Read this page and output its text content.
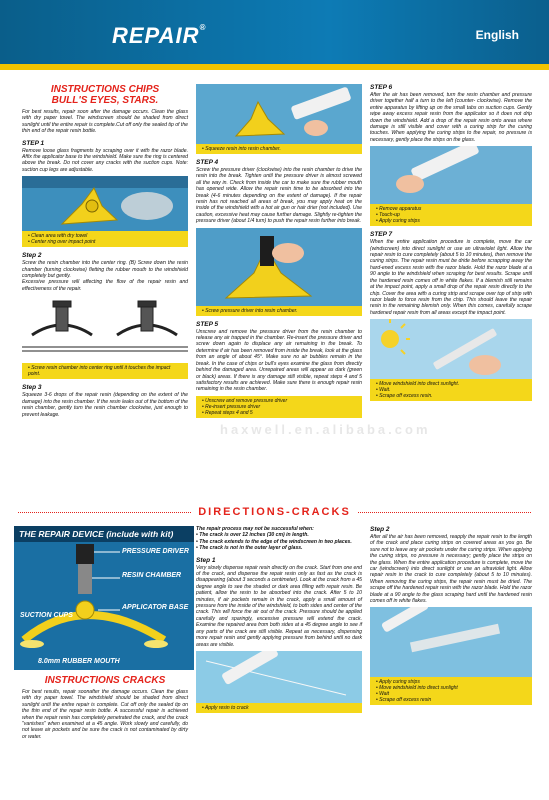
REPAIR®
English
INSTRUCTIONS CHIPS
BULL'S EYES, STARS.
For best results, repair soon after the damage occurs. Clean the glass with dry paper towel. The windscreen should be shaded from direct sunlight until the entire repair is complete.Cut off only the sealed tip of the thin end of the repair resin bottle.
STEP 1
Remove loose glass fragments by scraping over it with the razor blade. Affix the applicator base to the windshield. Make sure the ring is centered above the break. Do not cover any cracks with the suction cups. Note: suction cup legs are adjustable.
• Clean area with dry towel
• Center ring over impact point
Step 2
Screw the resin chamber into the center ring. (B) Screw down the resin chamber (turning clockwise) fletting the rubber mouth to the windshield completely but gently.
Excessive pressure will affecting the flow of the repair resin and effectiveness of the repair.
• Screw resin chamber into center ring until it touches the impact point.
Step 3
Squeeze 3-6 drops of the repair resin (depending on the extent of the damage) into the resin chamber. If the resin leaks out of the bottom of the resin chamber, gently turn the resin chamber clockwise, just enough to prevent leakage.
• Squeeze resin into resin chamber.
STEP 4
Screw the pressure driver (clockwise) into the resin chamber to drive the resin into the break. Tighten until the pressure driver is almost screwed all the way in. Check from inside the car to make sure the rubber mouth has opened wide. Allow the repair resin time to be absorbed into the break (4-6 minutes depending on the extent of damage). If the repair resin has not reached all areas of break, you may apply heat on the inside of the windshield with a hot air gun or hair drier (not included). Use caution, excessive heat may cause further damage. Slightly re-tighten the pressure driver (about 1/4 turn) to push the repair resin further into break.
• Screw pressure driver into resin chamber.
STEP 5
Unscrew and remove the pressure driver from the resin chamber to release any air trapped in the chamber. Re-insert the pressure driver and screw down again to displace any air remaining in the break. To determine if air has been removed from inside the break, look at the glass from an angle of about 45°. Make sure no air bubbles remain in the break. In the case of chips or bull's eyes examine the glass from directly behind the damaged area. Unrepaired areas will appear as dark (green or black) areas. If there is any damage still visible, repeat steps 4 and 5 satisfactory results are achieved. Make sure there is enough repair resin remaining in the resin chamber.
• Unscrew and remove pressure driver
• Re-insert pressure driver
• Repeat steps 4 and 5
STEP 6
After the air has been removed, turn the resin chamber and pressure driver together half a turn to the left (counter- clockwise). Remove the entire apparatus by lifting up on the small tabs on suction cups. Gently wipe away excess repair resin from the applicator so it does not drip down the windshield. Add a drop of the repair resin onto areas where damage is still visible and cover with a curing strip for the curing touches. When applying the curing strips to the repair, no pressure is necessary, gently place the strips on the glass.
• Remove apparatus
• Touch-up
• Apply curing strips
STEP 7
When the entire application procedure is complete, move the car (windscreen) into direct sunlight or use an ultraviolet light. Allow the repair resin to cure completely (about 5 to 10 minutes), then remove the curing strips. The repair resin must be dride before scrapping away the hard-ened excess resin with the razor blade. Hold the razor blade at a 90 angle to the windshield when scraping for best results. Scrape until the hardened resin comes off in white flakes. If a blemish still remains at the impact point, apply a small drop of the repair resin directly to the chip. Cover the area with a curing strip and scrape over top of strip with razor blade to force resin from the chip. This should leave the repair resin in the remaining blemish only. When this comes, carefully scrape hardened repair resin from all areas except the impact point.
• Move windshield into direct sunlight.
• Wait.
• Scrape off excess resin.
haxwell.en.alibaba.com
DIRECTIONS-CRACKS
THE REPAIR DEVICE (include with kit)
PRESSURE DRIVER
RESIN CHAMBER
APPLICATOR BASE
SUCTION CUPS
8.0mm RUBBER MOUTH
INSTRUCTIONS CRACKS
For best results, repair soonafter the damage occurs. Clean the glass with dry paper towel. The windshield should be shaded from direct sunlight until the entire repair is complete. Cut off only the sealed tip on the thin end of the repair resin bottle. A successful repair is achieved when the repair resin has completely penetrated the crack, and the crack "vanishes" when examined at a 45 angle. Work slowly and carefully, do not leave air pockets and be sure the crack is not contaminated by dirty or water.
The repair process may not be successful when:
• The crack is over 12 inches (30 cm) in length.
• The crack extends to the edge of the windscreen in two places.
• The crack is not in the outer layer of glass.
Step 1
Very slowly dispense repair resin directly on the crack. Start from one end of the crack, and dispense the repair resin only as fast as the crack is disappearing (about 3 seconds a centimeter). Look at the crack from a 45 degree angle to see the shaded or dark area filling with repair resin. Be patient, allow the resin to be absorbed into the crack. After 5 to 10 minutes, if air pockets remain in the crack, apply a small amount of pressure from the inside of the windshield, to both sides and center of the crack. This will force the air out of the crack. Pressure should be applied carefully and sparingly, excessive pressure will extend the crack. Examine the repaired area from both sides at a 45 degree angle to see if any parts of the crack are still visible. Repeat as necessary, dispensing more repair resin and gently applying pressure from behind until no dark areas are visible.
• Apply resin to crack
Step 2
After all the air has been removed, reapply the repair resin to the length of the crack and place curing strips on covered areas as you go. Be sure not to leave any air pockets under the curing strips. When applying the curing strips, no pressure is necessary; gently place the strips on the glass. When the entire application procedure is complete, move the car (windscreen) into direct sunlight or use an ultraviolet light. Allow repair resin in the crack to cure completely (about 5 to 10 minutes). When removing the curing strips, the repair resin must be dried. The scrape off the hardened repair resin with the razor blade. Hold the razor blade at a 90 angle to the glass scraping hard until the hardened resin comes off in white flakes.
• Apply curing strips
• Move windshield into direct sunlight
• Wait
• Scrape off excess resin
